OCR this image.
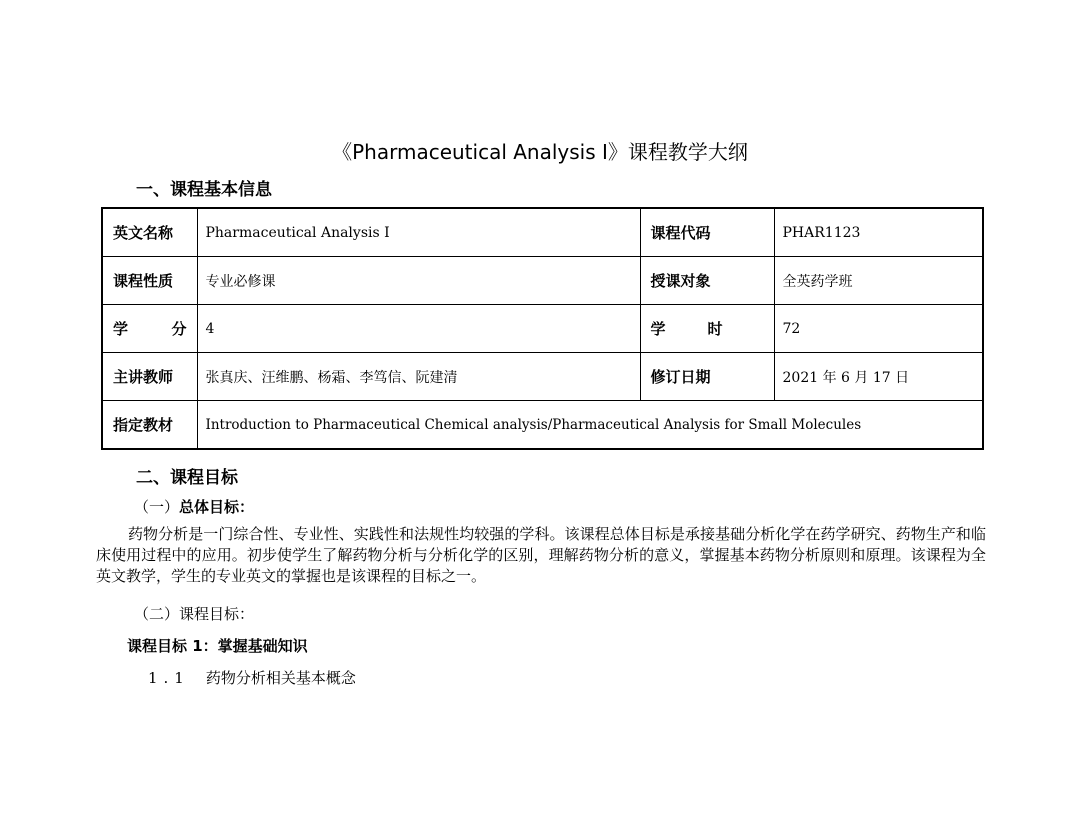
《Pharmaceutical Analysis I》课程教学大纲
一、课程基本信息
英文名称	Pharmaceutical Analysis I	课程代码	PHAR1123
课程性质	专业必修课	授课对象	全英药学班

学 分	4	学 时	72
主讲教师	张真庆、汪维鹏、杨霜、李笃信、阮建清	修订日期	2021 年 6 月 17 日
指定教材	Introduction to Pharmaceutical Chemical analysis/Pharmaceutical Analysis for Small Molecules		
二、课程目标
（一）总体目标：
药物分析是一门综合性、专业性、实践性和法规性均较强的学科。该课程总体目标是承接基础分析化学在药学研究、药物生产和临床使用过程中的应用。初步使学生了解药物分析与分析化学的区别，理解药物分析的意义，掌握基本药物分析原则和原理。该课程为全英文教学，学生的专业英文的掌握也是该课程的目标之一。
（二）课程目标：
课程目标 1：掌握基础知识
1.1 药物分析相关基本概念
